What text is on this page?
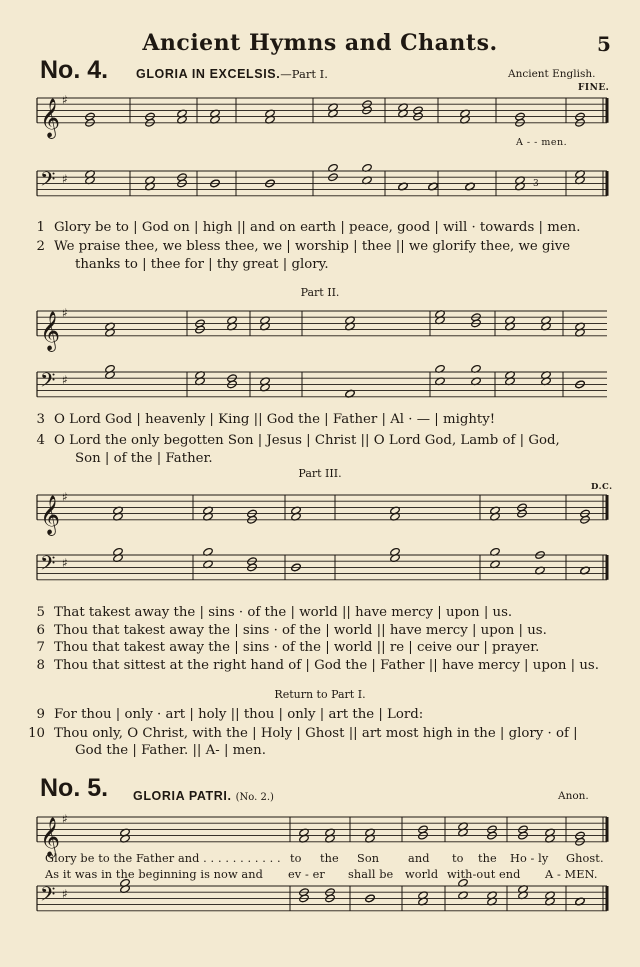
Ancient Hymns and Chants.	5
No. 4. GLORIA IN EXCELSIS.—Part I.	Ancient English.
FINE.
A - - men.
3
1 Glory be to | God on | high || and on earth | peace, good | will · towards | men.
2 We praise thee, we bless thee, we | worship | thee || we glorify thee, we give
thanks to | thee for | thy great | glory.
Part II.
3 O Lord God | heavenly | King || God the | Father | Al · — | mighty!
4 O Lord the only begotten Son | Jesus | Christ || O Lord God, Lamb of | God,
Son | of the | Father.
Part III.
D.C.
5 That takest away the | sins · of the | world || have mercy | upon | us.
6 Thou that takest away the | sins · of the | world || have mercy | upon | us.
7 Thou that takest away the | sins · of the | world || re | ceive our | prayer.
8 Thou that sittest at the right hand of | God the | Father || have mercy | upon | us.
Return to Part I.
9 For thou | only · art | holy || thou | only | art the | Lord:
10 Thou only, O Christ, with the | Holy | Ghost || art most high in the | glory · of |
God the | Father. || A- | men.
No. 5. GLORIA PATRI. (No. 2.)	Anon.
Glory be to the Father and . . . . . . . . . . . to the Son	and to the Ho - ly Ghost.
As it was in the beginning is now and ev - er shall be world with-out end A - MEN.
𝄞 ♯
𝄢 ♯
𝄞 ♯
𝄢 ♯
𝄞 ♯
𝄢 ♯
𝄞 ♯
𝄢 ♯
